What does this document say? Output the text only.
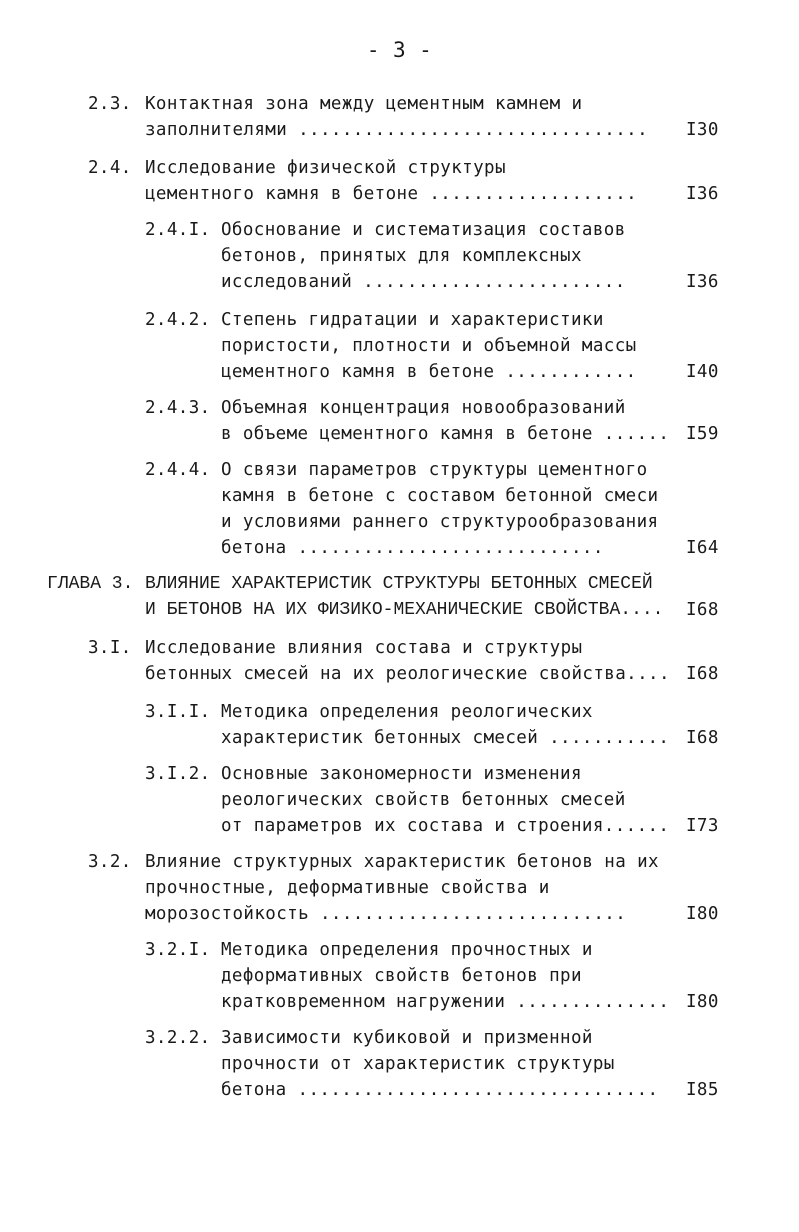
- 3 -
2.3. Контактная зона между цементным камнем и
заполнителями ................................ I30
2.4. Исследование физической структуры
цементного камня в бетоне ...................	I36
2.4.I. Обоснование и систематизация составов
бетонов, принятых для комплексных
исследований ........................	I36
2.4.2. Степень гидратации и характеристики
пористости, плотности и объемной массы
цементного камня в бетоне ............	I40
2.4.3. Объемная концентрация новообразований
в объеме цементного камня в бетоне ...... I59
2.4.4. О связи параметров структуры цементного
камня в бетоне с составом бетонной смеси
и условиями раннего структурообразования
бетона ............................	I64
ГЛАВА 3. ВЛИЯНИЕ ХАРАКТЕРИСТИК СТРУКТУРЫ БЕТОННЫХ СМЕСЕЙ
И БЕТОНОВ НА ИХ ФИЗИКО-МЕХАНИЧЕСКИЕ СВОЙСТВА.... I68
3.I. Исследование влияния состава и структуры
бетонных смесей на их реологические свойства.... I68
3.I.I. Методика определения реологических
характеристик бетонных смесей ........... I68
3.I.2. Основные закономерности изменения
реологических свойств бетонных смесей
от параметров их состава и строения...... I73
3.2. Влияние структурных характеристик бетонов на их
прочностные, деформативные свойства и
морозостойкость ............................	I80
3.2.I. Методика определения прочностных и
деформативных свойств бетонов при
кратковременном нагружении .............. I80
3.2.2. Зависимости кубиковой и призменной
прочности от характеристик структуры
бетона ................................. I85
